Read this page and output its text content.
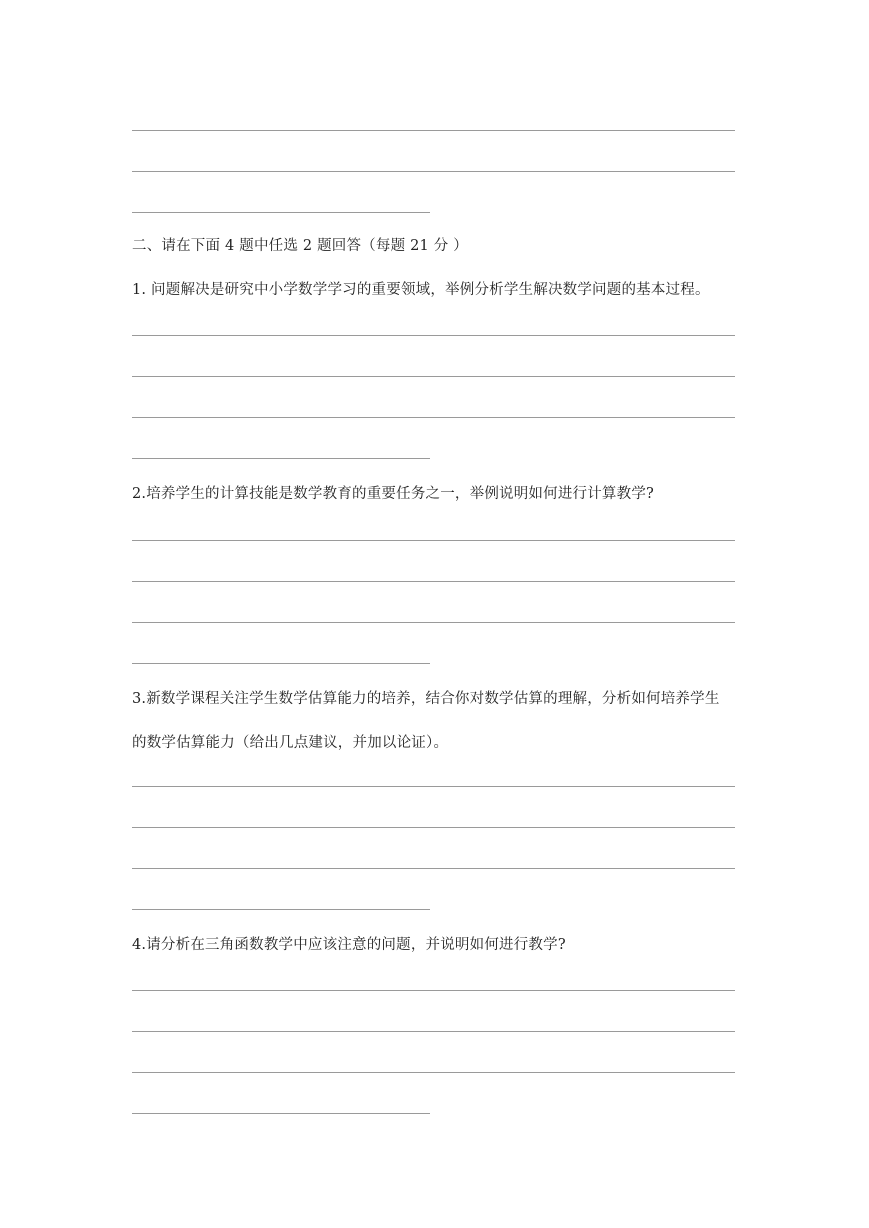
二、请在下面 4 题中任选 2 题回答（每题 21 分 ）
1. 问题解决是研究中小学数学学习的重要领域，举例分析学生解决数学问题的基本过程。
2.培养学生的计算技能是数学教育的重要任务之一，举例说明如何进行计算教学?
3.新数学课程关注学生数学估算能力的培养，结合你对数学估算的理解，分析如何培养学生
的数学估算能力（给出几点建议，并加以论证）。
4.请分析在三角函数教学中应该注意的问题，并说明如何进行教学?
